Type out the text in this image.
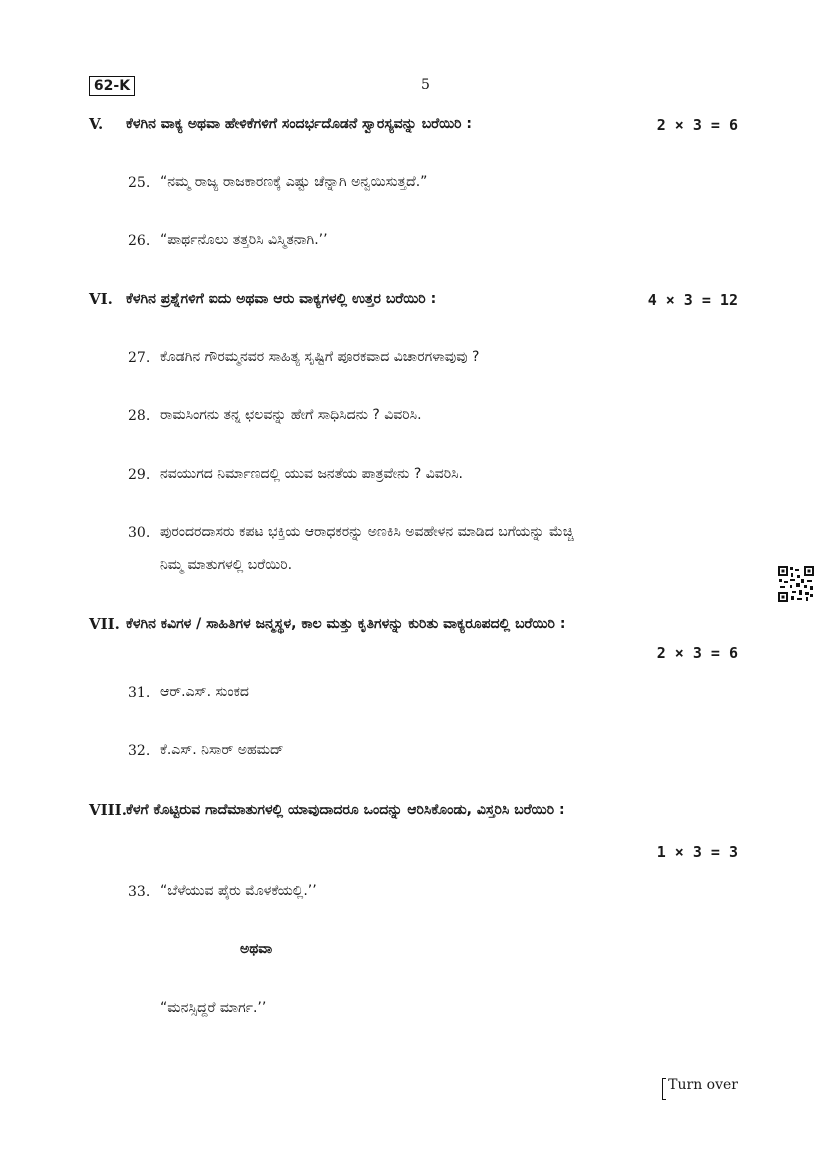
62-K	5
V. ಕೆಳಗಿನ ವಾಕ್ಯ ಅಥವಾ ಹೇಳಿಕೆಗಳಿಗೆ ಸಂದರ್ಭದೊಡನೆ ಸ್ವಾರಸ್ಯವನ್ನು ಬರೆಯಿರಿ :	2 × 3 = 6
25. “ನಮ್ಮ ರಾಜ್ಯ ರಾಜಕಾರಣಕ್ಕೆ ಎಷ್ಟು ಚೆನ್ನಾಗಿ ಅನ್ವಯಿಸುತ್ತದೆ.”
26. “ಪಾರ್ಥನೊಲು ತತ್ತರಿಸಿ ವಿಸ್ಮಿತನಾಗಿ.’’
VI. ಕೆಳಗಿನ ಪ್ರಶ್ನೆಗಳಿಗೆ ಐದು ಅಥವಾ ಆರು ವಾಕ್ಯಗಳಲ್ಲಿ ಉತ್ತರ ಬರೆಯಿರಿ :	4 × 3 = 12
27. ಕೊಡಗಿನ ಗೌರಮ್ಮನವರ ಸಾಹಿತ್ಯ ಸೃಷ್ಟಿಗೆ ಪೂರಕವಾದ ವಿಚಾರಗಳಾವುವು ?
28. ರಾಮಸಿಂಗನು ತನ್ನ ಛಲವನ್ನು ಹೇಗೆ ಸಾಧಿಸಿದನು ? ವಿವರಿಸಿ.
29. ನವಯುಗದ ನಿರ್ಮಾಣದಲ್ಲಿ ಯುವ ಜನತೆಯ ಪಾತ್ರವೇನು ? ವಿವರಿಸಿ.
30. ಪುರಂದರದಾಸರು ಕಪಟ ಭಕ್ತಿಯ ಆರಾಧಕರನ್ನು ಅಣಕಿಸಿ ಅವಹೇಳನ ಮಾಡಿದ ಬಗೆಯನ್ನು ಮೆಚ್ಚಿ
ನಿಮ್ಮ ಮಾತುಗಳಲ್ಲಿ ಬರೆಯಿರಿ.
VII. ಕೆಳಗಿನ ಕವಿಗಳ / ಸಾಹಿತಿಗಳ ಜನ್ಮಸ್ಥಳ, ಕಾಲ ಮತ್ತು ಕೃತಿಗಳನ್ನು ಕುರಿತು ವಾಕ್ಯರೂಪದಲ್ಲಿ ಬರೆಯಿರಿ :
2 × 3 = 6
31. ಆರ್.ಎಸ್. ಸುಂಕದ
32. ಕೆ.ಎಸ್. ನಿಸಾರ್ ಅಹಮದ್
VIII. ಕೆಳಗೆ ಕೊಟ್ಟಿರುವ ಗಾದೆಮಾತುಗಳಲ್ಲಿ ಯಾವುದಾದರೂ ಒಂದನ್ನು ಆರಿಸಿಕೊಂಡು, ವಿಸ್ತರಿಸಿ ಬರೆಯಿರಿ :
1 × 3 = 3
33. “ಬೆಳೆಯುವ ಪೈರು ಮೊಳಕೆಯಲ್ಲಿ.’’
ಅಥವಾ
“ಮನಸ್ಸಿದ್ದರೆ ಮಾರ್ಗ.’’
Turn over
